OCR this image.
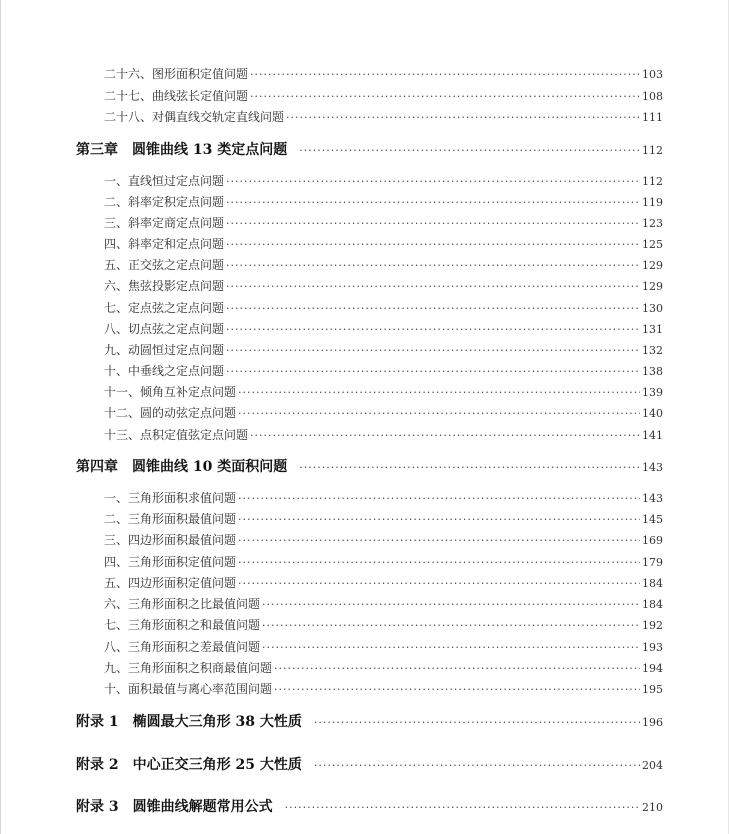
二十六、图形面积定值问题 ·····	103
二十七、曲线弦长定值问题 ·····	108
二十八、对偶直线交轨定直线问题 ·····	111
第三章　圆锥曲线 13 类定点问题 ·····	112
一、直线恒过定点问题 ·····	112
二、斜率定积定点问题 ·····	119
三、斜率定商定点问题 ·····	123
四、斜率定和定点问题 ·····	125
五、正交弦之定点问题 ·····	129
六、焦弦投影定点问题 ·····	129
七、定点弦之定点问题 ·····	130
八、切点弦之定点问题 ·····	131
九、动圆恒过定点问题 ·····	132
十、中垂线之定点问题 ·····	138
十一、倾角互补定点问题 ·····	139
十二、圆的动弦定点问题 ·····	140
十三、点积定值弦定点问题 ·····	141
第四章　圆锥曲线 10 类面积问题 ·····	143
一、三角形面积求值问题 ·····	143
二、三角形面积最值问题 ·····	145
三、四边形面积最值问题 ·····	169
四、三角形面积定值问题 ·····	179
五、四边形面积定值问题 ·····	184
六、三角形面积之比最值问题 ·····	184
七、三角形面积之和最值问题 ·····	192
八、三角形面积之差最值问题 ·····	193
九、三角形面积之积商最值问题 ·····	194
十、面积最值与离心率范围问题 ·····	195
附录 1　椭圆最大三角形 38 大性质 ·····	196
附录 2　中心正交三角形 25 大性质 ·····	204
附录 3　圆锥曲线解题常用公式 ·····	210
